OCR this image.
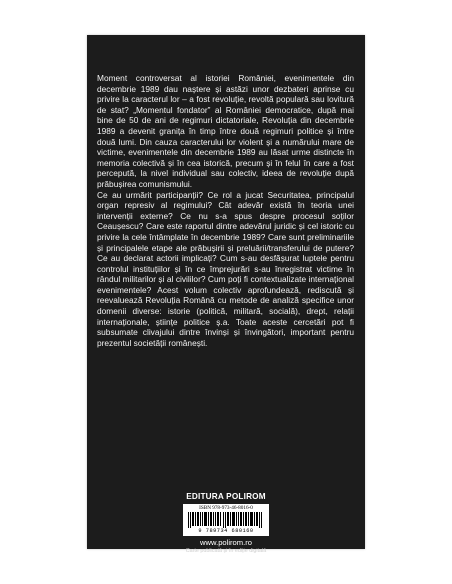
Moment controversat al istoriei României, evenimentele din decembrie 1989 dau naștere și astăzi unor dezbateri aprinse cu privire la caracterul lor – a fost revoluție, revoltă populară sau lovitură de stat? „Momentul fondator” al României democratice, după mai bine de 50 de ani de regimuri dictatoriale, Revoluția din decembrie 1989 a devenit granița în timp între două regimuri politice și între două lumi. Din cauza caracterului lor violent și a numărului mare de victime, evenimentele din decembrie 1989 au lăsat urme distincte în memoria colectivă și în cea istorică, precum și în felul în care a fost percepută, la nivel individual sau colectiv, ideea de revoluție după prăbușirea comunismului.

Ce au urmărit participanții? Ce rol a jucat Securitatea, principalul organ represiv al regimului? Cât adevăr există în teoria unei intervenții externe? Ce nu s-a spus despre procesul soților Ceaușescu? Care este raportul dintre adevărul juridic și cel istoric cu privire la cele întâmplate în decembrie 1989? Care sunt preliminariile și principalele etape ale prăbușirii și preluării/transferului de putere? Ce au declarat actorii implicați? Cum s-au desfășurat luptele pentru controlul instituțiilor și în ce împrejurări s-au înregistrat victime în rândul militarilor și al civililor? Cum poți fi contextualizate internațional evenimentele? Acest volum colectiv aprofundează, rediscută și reevaluează Revoluția Română cu metode de analiză specifice unor domenii diverse: istorie (politică, militară, socială), drept, relații internaționale, științe politice ș.a. Toate aceste cercetări pot fi subsumate clivajului dintre învinși și învingători, important pentru prezentul societății românești.

EDITURA POLIROM
ISBN 978-973-46-8016-0
9 789734 680160
www.polirom.ro
Carte publicată și în ediție digitală
